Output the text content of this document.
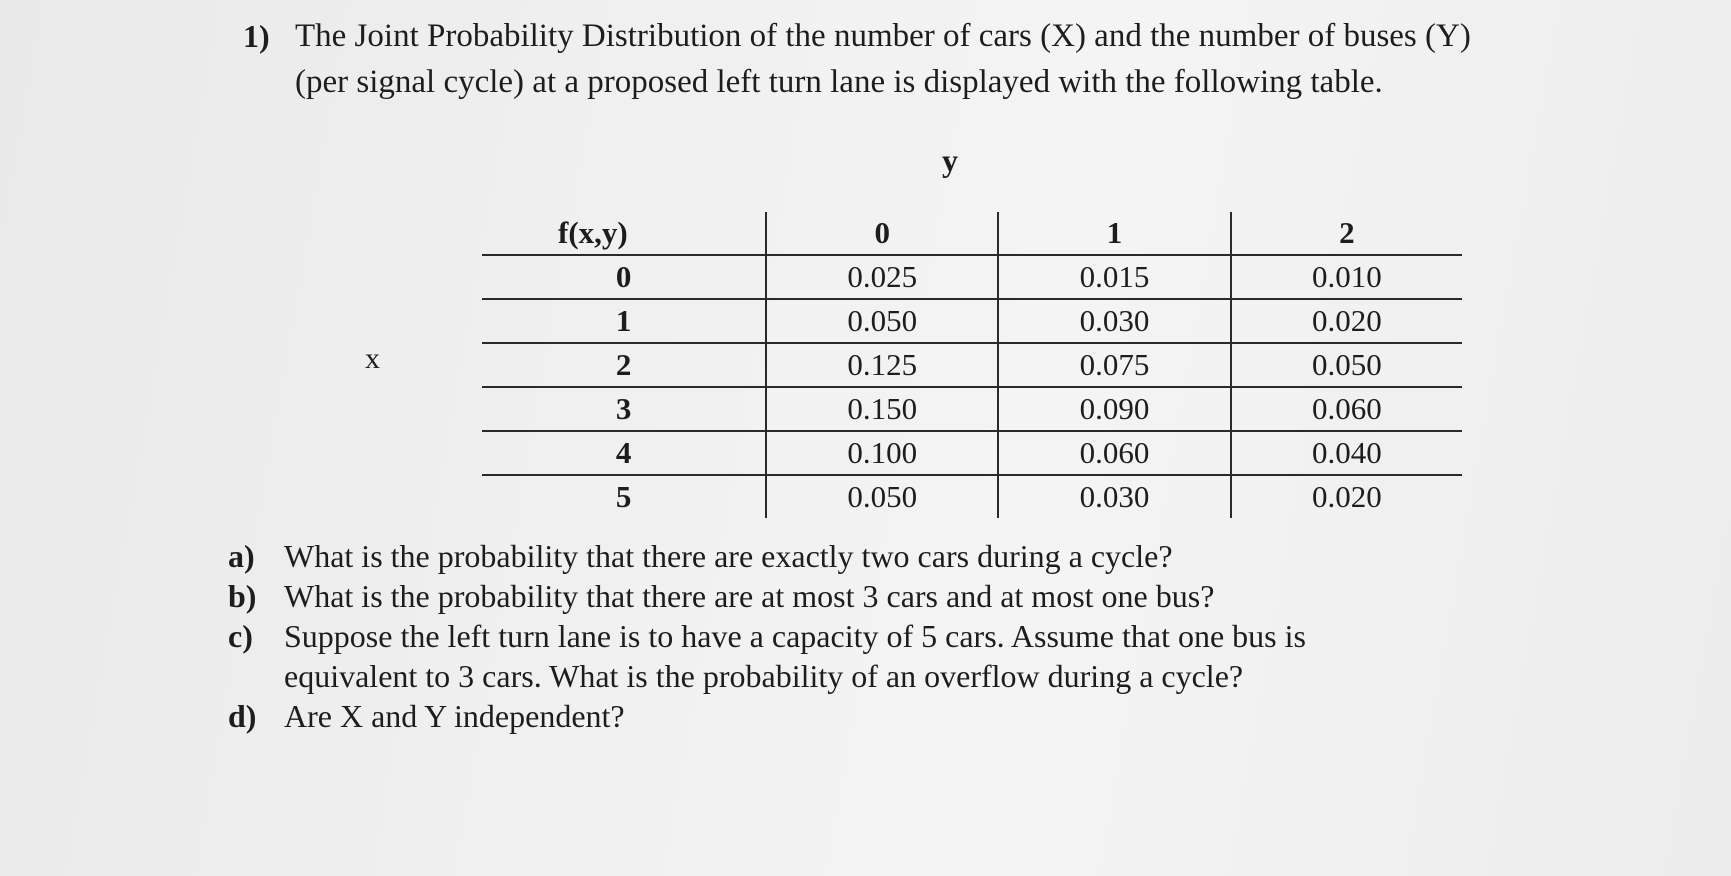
1) The Joint Probability Distribution of the number of cars (X) and the number of buses (Y)
(per signal cycle) at a proposed left turn lane is displayed with the following table.
y
x
f(x,y)	0	1	2
0	0.025	0.015	0.010
1	0.050	0.030	0.020
2	0.125	0.075	0.050
3	0.150	0.090	0.060
4	0.100	0.060	0.040
5	0.050	0.030	0.020
a) What is the probability that there are exactly two cars during a cycle?
b) What is the probability that there are at most 3 cars and at most one bus?
c) Suppose the left turn lane is to have a capacity of 5 cars. Assume that one bus is
equivalent to 3 cars. What is the probability of an overflow during a cycle?
d) Are X and Y independent?
